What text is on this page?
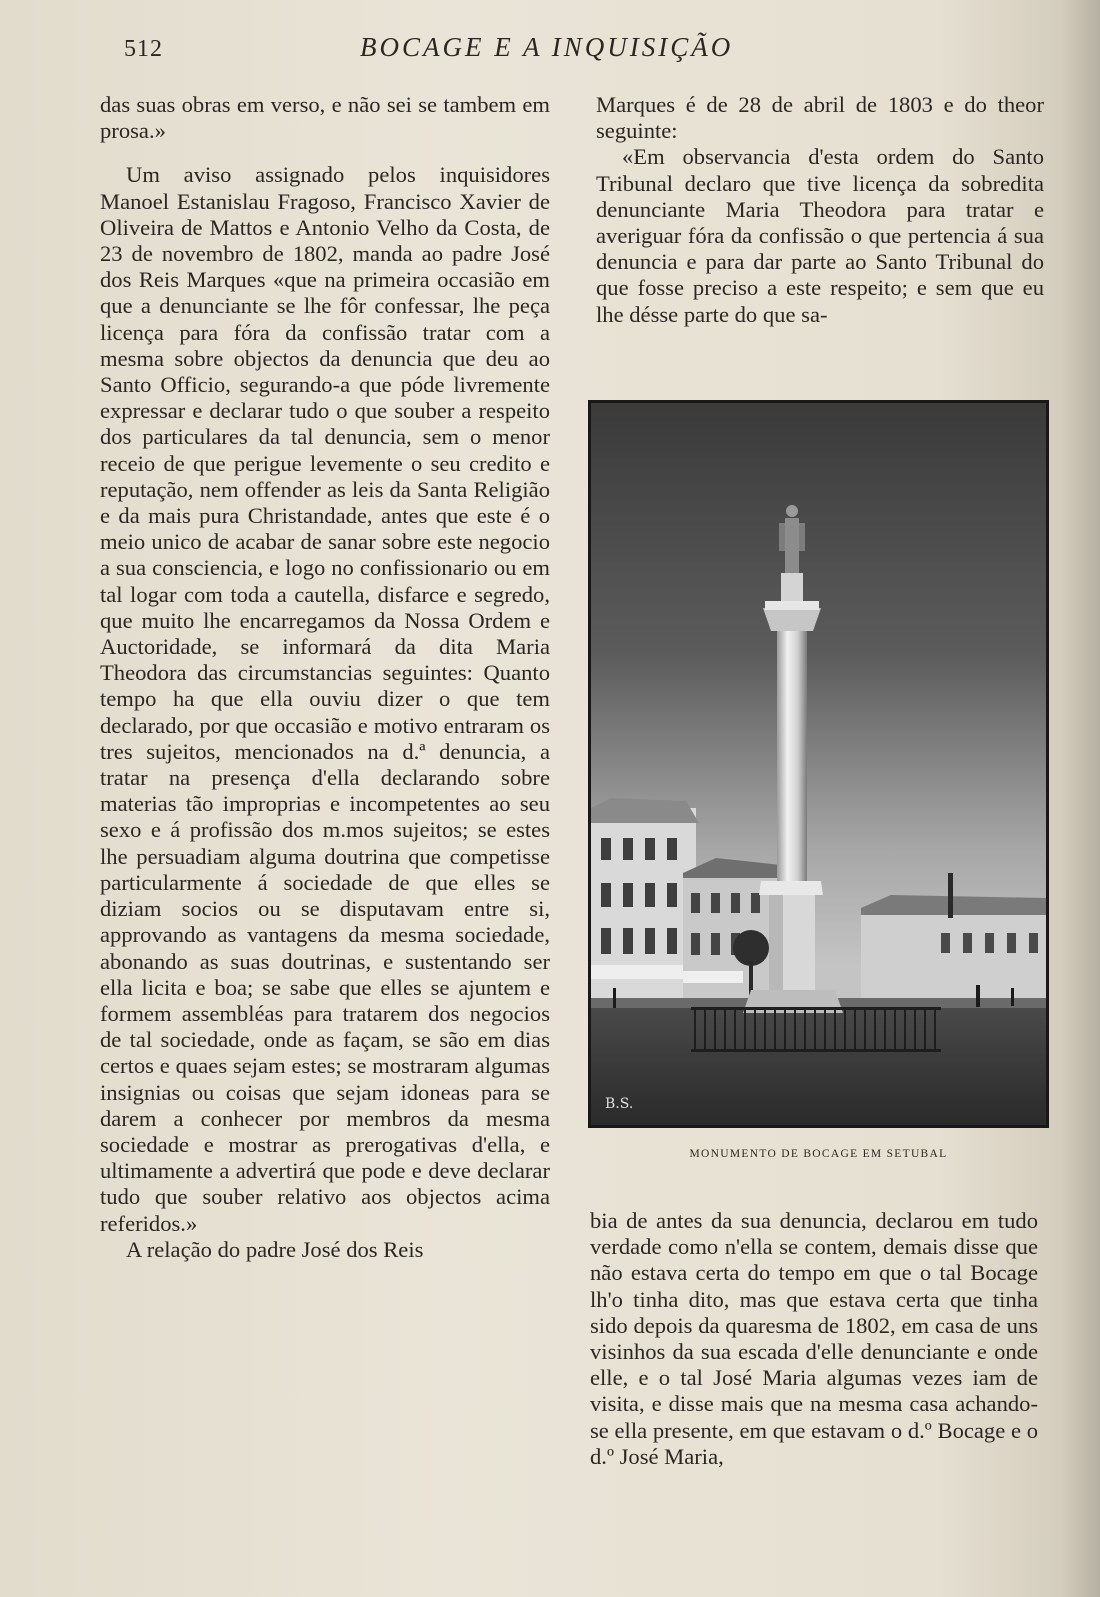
512	BOCAGE E A INQUISIÇÃO

das suas obras em verso, e não sei se tambem em prosa.»

Um aviso assignado pelos inquisidores Manoel Estanislau Fragoso, Francisco Xavier de Oliveira de Mattos e Antonio Velho da Costa, de 23 de novembro de 1802, manda ao padre José dos Reis Marques «que na primeira occasião em que a denunciante se lhe fôr confessar, lhe peça licença para fóra da confissão tratar com a mesma sobre objectos da denuncia que deu ao Santo Officio, segurando-a que póde livremente expressar e declarar tudo o que souber a respeito dos particulares da tal denuncia, sem o menor receio de que perigue levemente o seu credito e reputação, nem offender as leis da Santa Religião e da mais pura Christandade, antes que este é o meio unico de acabar de sanar sobre este negocio a sua consciencia, e logo no confissionario ou em tal logar com toda a cautella, disfarce e segredo, que muito lhe encarregamos da Nossa Ordem e Auctoridade, se informará da dita Maria Theodora das circumstancias seguintes: Quanto tempo ha que ella ouviu dizer o que tem declarado, por que occasião e motivo entraram os tres sujeitos, mencionados na d.ª denuncia, a tratar na presença d'ella declarando sobre materias tão improprias e incompetentes ao seu sexo e á profissão dos m.mos sujeitos; se estes lhe persuadiam alguma doutrina que competisse particularmente á sociedade de que elles se diziam socios ou se disputavam entre si, approvando as vantagens da mesma sociedade, abonando as suas doutrinas, e sustentando ser ella licita e boa; se sabe que elles se ajuntem e formem assembléas para tratarem dos negocios de tal sociedade, onde as façam, se são em dias certos e quaes sejam estes; se mostraram algumas insignias ou coisas que sejam idoneas para se darem a conhecer por membros da mesma sociedade e mostrar as prerogativas d'ella, e ultimamente a advertirá que pode e deve declarar tudo que souber relativo aos objectos acima referidos.»

A relação do padre José dos Reis

Marques é de 28 de abril de 1803 e do theor seguinte:

«Em observancia d'esta ordem do Santo Tribunal declaro que tive licença da sobredita denunciante Maria Theodora para tratar e averiguar fóra da confissão o que pertencia á sua denuncia e para dar parte ao Santo Tribunal do que fosse preciso a este respeito; e sem que eu lhe désse parte do que sa-

B.S.
MONUMENTO DE BOCAGE EM SETUBAL

bia de antes da sua denuncia, declarou em tudo verdade como n'ella se contem, demais disse que não estava certa do tempo em que o tal Bocage lh'o tinha dito, mas que estava certa que tinha sido depois da quaresma de 1802, em casa de uns visinhos da sua escada d'elle denunciante e onde elle, e o tal José Maria algumas vezes iam de visita, e disse mais que na mesma casa achando-se ella presente, em que estavam o d.º Bocage e o d.º José Maria,
